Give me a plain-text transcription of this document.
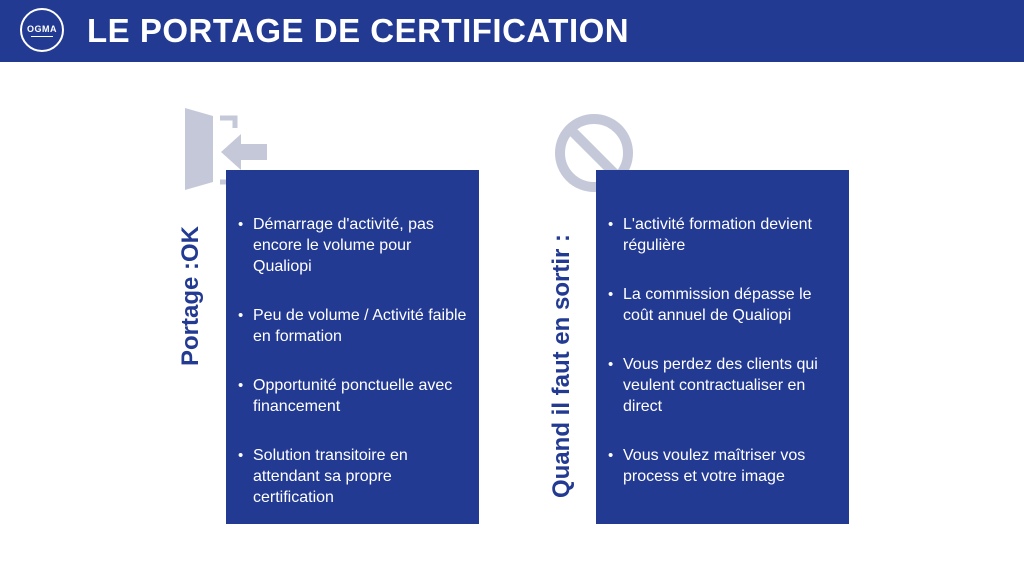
OGMA LE PORTAGE DE CERTIFICATION
Portage :OK	Quand il faut en sortir :
• Démarrage d'activité, pas encore le volume pour Qualiopi
• Peu de volume / Activité faible en formation
• Opportunité ponctuelle avec financement
• Solution transitoire en attendant sa propre certification
• L'activité formation devient régulière
• La commission dépasse le coût annuel de Qualiopi
• Vous perdez des clients qui veulent contractualiser en direct
• Vous voulez maîtriser vos process et votre image
